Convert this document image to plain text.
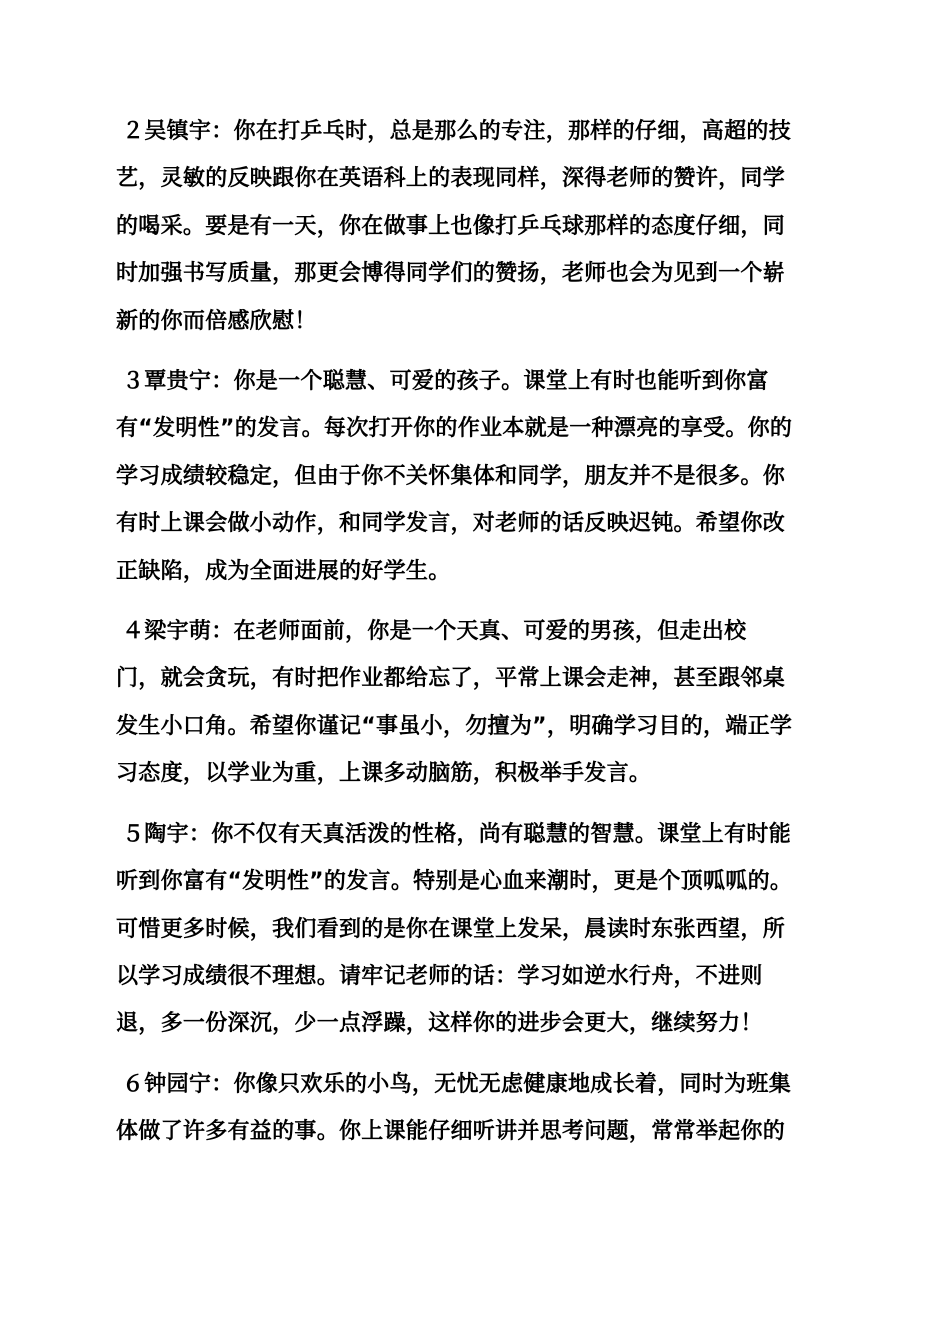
２吴镇宇：你在打乒乓时，总是那么的专注，那样的仔细，高超的技
艺，灵敏的反映跟你在英语科上的表现同样，深得老师的赞许，同学
的喝采。要是有一天，你在做事上也像打乒乓球那样的态度仔细，同
时加强书写质量，那更会博得同学们的赞扬，老师也会为见到一个崭
新的你而倍感欣慰！

３覃贵宁：你是一个聪慧、可爱的孩子。课堂上有时也能听到你富
有“发明性”的发言。每次打开你的作业本就是一种漂亮的享受。你的
学习成绩较稳定，但由于你不关怀集体和同学，朋友并不是很多。你
有时上课会做小动作，和同学发言，对老师的话反映迟钝。希望你改
正缺陷，成为全面进展的好学生。

４梁宇萌：在老师面前，你是一个天真、可爱的男孩，但走出校
门，就会贪玩，有时把作业都给忘了，平常上课会走神，甚至跟邻桌
发生小口角。希望你谨记“事虽小，勿擅为”，明确学习目的，端正学
习态度，以学业为重，上课多动脑筋，积极举手发言。

５陶宇：你不仅有天真活泼的性格，尚有聪慧的智慧。课堂上有时能
听到你富有“发明性”的发言。特别是心血来潮时，更是个顶呱呱的。
可惜更多时候，我们看到的是你在课堂上发呆，晨读时东张西望，所
以学习成绩很不理想。请牢记老师的话：学习如逆水行舟，不进则
退，多一份深沉，少一点浮躁，这样你的进步会更大，继续努力！

６钟园宁：你像只欢乐的小鸟，无忧无虑健康地成长着，同时为班集
体做了许多有益的事。你上课能仔细听讲并思考问题，常常举起你的
